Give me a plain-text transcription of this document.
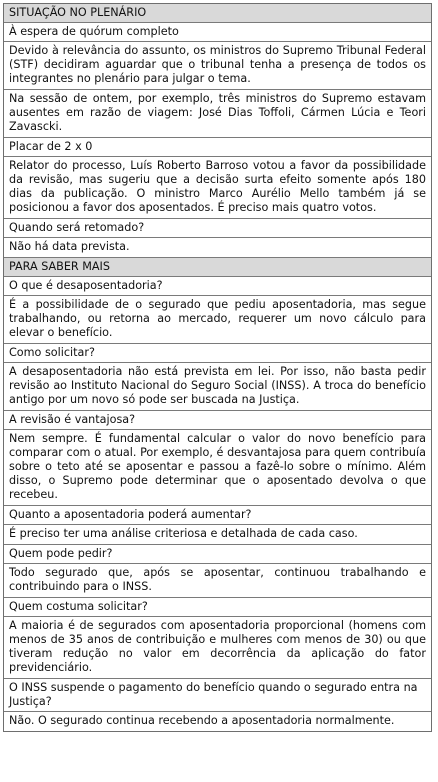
SITUAÇÃO NO PLENÁRIO
À espera de quórum completo

Devido à relevância do assunto, os ministros do Supremo Tribunal Federal (STF) decidiram aguardar que o tribunal tenha a presença de todos os integrantes no plenário para julgar o tema.

Na sessão de ontem, por exemplo, três ministros do Supremo estavam ausentes em razão de viagem: José Dias Toffoli, Cármen Lúcia e Teori Zavascki.

Placar de 2 x 0

Relator do processo, Luís Roberto Barroso votou a favor da possibilidade da revisão, mas sugeriu que a decisão surta efeito somente após 180 dias da publicação. O ministro Marco Aurélio Mello também já se posicionou a favor dos aposentados. É preciso mais quatro votos.

Quando será retomado?

Não há data prevista.

PARA SABER MAIS
O que é desaposentadoria?

É a possibilidade de o segurado que pediu aposentadoria, mas segue trabalhando, ou retorna ao mercado, requerer um novo cálculo para elevar o benefício.

Como solicitar?

A desaposentadoria não está prevista em lei. Por isso, não basta pedir revisão ao Instituto Nacional do Seguro Social (INSS). A troca do benefício antigo por um novo só pode ser buscada na Justiça.

A revisão é vantajosa?

Nem sempre. É fundamental calcular o valor do novo benefício para comparar com o atual. Por exemplo, é desvantajosa para quem contribuía sobre o teto até se aposentar e passou a fazê-lo sobre o mínimo. Além disso, o Supremo pode determinar que o aposentado devolva o que recebeu.

Quanto a aposentadoria poderá aumentar?

É preciso ter uma análise criteriosa e detalhada de cada caso.

Quem pode pedir?

Todo segurado que, após se aposentar, continuou trabalhando e contribuindo para o INSS.

Quem costuma solicitar?

A maioria é de segurados com aposentadoria proporcional (homens com menos de 35 anos de contribuição e mulheres com menos de 30) ou que tiveram redução no valor em decorrência da aplicação do fator previdenciário.

O INSS suspende o pagamento do benefício quando o segurado entra na Justiça?

Não. O segurado continua recebendo a aposentadoria normalmente.
